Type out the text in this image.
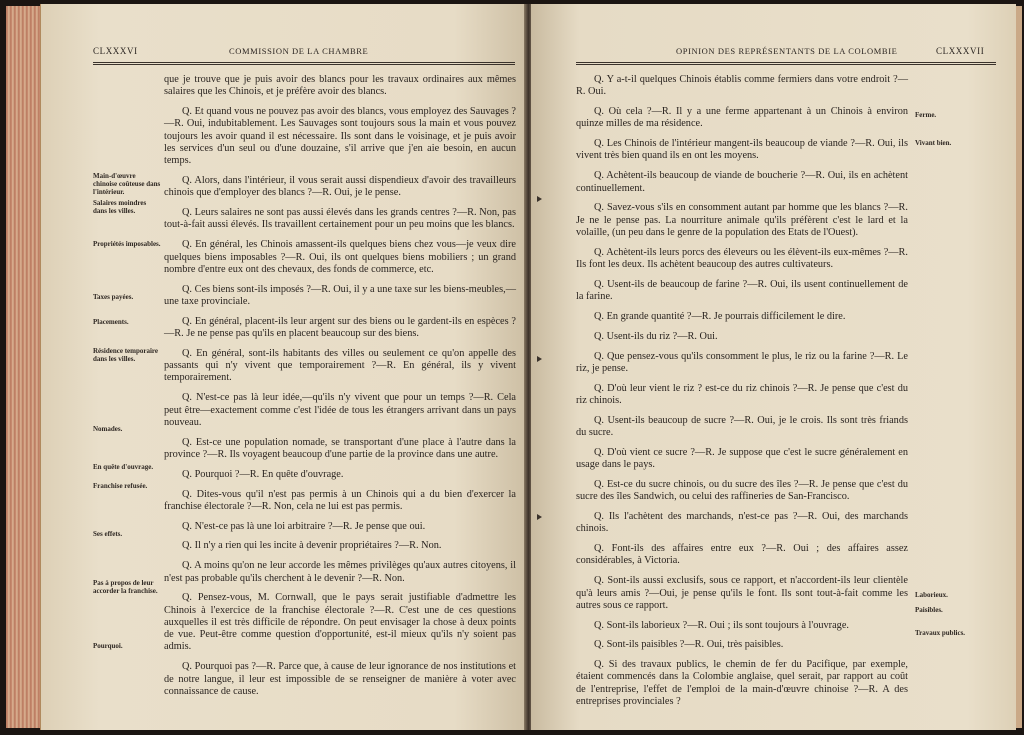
CLXXXVI	COMMISSION DE LA CHAMBRE

que je trouve que je puis avoir des blancs pour les travaux ordinaires aux mêmes salaires que les Chinois, et je préfère avoir des blancs.

Q. Et quand vous ne pouvez pas avoir des blancs, vous employez des Sauvages ?—R. Oui, indubitablement. Les Sauvages sont toujours sous la main et vous pouvez toujours les avoir quand il est nécessaire. Ils sont dans le voisinage, et je puis avoir les services d'un seul ou d'une douzaine, s'il arrive que j'en aie besoin, en aucun temps.

Q. Alors, dans l'intérieur, il vous serait aussi dispendieux d'avoir des travailleurs chinois que d'employer des blancs ?—R. Oui, je le pense.

Q. Leurs salaires ne sont pas aussi élevés dans les grands centres ?—R. Non, pas tout-à-fait aussi élevés. Ils travaillent certainement pour un peu moins que les blancs.

Q. En général, les Chinois amassent-ils quelques biens chez vous—je veux dire quelques biens imposables ?—R. Oui, ils ont quelques biens mobiliers ; un grand nombre d'entre eux ont des chevaux, des fonds de commerce, etc.

Q. Ces biens sont-ils imposés ?—R. Oui, il y a une taxe sur les biens-meubles,—une taxe provinciale.

Q. En général, placent-ils leur argent sur des biens ou le gardent-ils en espèces ?—R. Je ne pense pas qu'ils en placent beaucoup sur des biens.

Q. En général, sont-ils habitants des villes ou seulement ce qu'on appelle des passants qui n'y vivent que temporairement ?—R. En général, ils y vivent temporairement.

Q. N'est-ce pas là leur idée,—qu'ils n'y vivent que pour un temps ?—R. Cela peut être—exactement comme c'est l'idée de tous les étrangers arrivant dans un pays nouveau.

Q. Est-ce une population nomade, se transportant d'une place à l'autre dans la province ?—R. Ils voyagent beaucoup d'une partie de la province dans une autre.

Q. Pourquoi ?—R. En quête d'ouvrage.

Q. Dites-vous qu'il n'est pas permis à un Chinois qui a du bien d'exercer la franchise électorale ?—R. Non, cela ne lui est pas permis.

Q. N'est-ce pas là une loi arbitraire ?—R. Je pense que oui.

Q. Il n'y a rien qui les incite à devenir propriétaires ?—R. Non.

Q. A moins qu'on ne leur accorde les mêmes privilèges qu'aux autres citoyens, il n'est pas probable qu'ils cherchent à le devenir ?—R. Non.

Q. Pensez-vous, M. Cornwall, que le pays serait justifiable d'admettre les Chinois à l'exercice de la franchise électorale ?—R. C'est une de ces questions auxquelles il est très difficile de répondre. On peut envisager la chose à deux points de vue. Peut-être comme question d'opportunité, est-il mieux qu'ils n'y soient pas admis.

Q. Pourquoi pas ?—R. Parce que, à cause de leur ignorance de nos institutions et de notre langue, il leur est impossible de se renseigner de manière à voter avec connaissance de cause.

Main-d'œuvre chinoise coûteuse dans l'intérieur.
Salaires moindres dans les villes.
Propriétés imposables.
Taxes payées.
Placements.
Résidence temporaire dans les villes.
Nomades.
En quête d'ouvrage.
Franchise refusée.
Ses effets.
Pas à propos de leur accorder la franchise.
Pourquoi.
OPINION DES REPRÉSENTANTS DE LA COLOMBIE	CLXXXVII

Q. Y a-t-il quelques Chinois établis comme fermiers dans votre endroit ?—R. Oui.

Q. Où cela ?—R. Il y a une ferme appartenant à un Chinois à environ quinze milles de ma résidence.

Q. Les Chinois de l'intérieur mangent-ils beaucoup de viande ?—R. Oui, ils vivent très bien quand ils en ont les moyens.

Q. Achètent-ils beaucoup de viande de boucherie ?—R. Oui, ils en achètent continuellement.

Q. Savez-vous s'ils en consomment autant par homme que les blancs ?—R. Je ne le pense pas. La nourriture animale qu'ils préfèrent c'est le lard et la volaille, (un peu dans le genre de la population des Etats de l'Ouest).

Q. Achètent-ils leurs porcs des éleveurs ou les élèvent-ils eux-mêmes ?—R. Ils font les deux. Ils achètent beaucoup des autres cultivateurs.

Q. Usent-ils de beaucoup de farine ?—R. Oui, ils usent continuellement de la farine.

Q. En grande quantité ?—R. Je pourrais difficilement le dire.

Q. Usent-ils du riz ?—R. Oui.

Q. Que pensez-vous qu'ils consomment le plus, le riz ou la farine ?—R. Le riz, je pense.

Q. D'où leur vient le riz ? est-ce du riz chinois ?—R. Je pense que c'est du riz chinois.

Q. Usent-ils beaucoup de sucre ?—R. Oui, je le crois. Ils sont très friands du sucre.

Q. D'où vient ce sucre ?—R. Je suppose que c'est le sucre généralement en usage dans le pays.

Q. Est-ce du sucre chinois, ou du sucre des îles ?—R. Je pense que c'est du sucre des îles Sandwich, ou celui des raffineries de San-Francisco.

Q. Ils l'achètent des marchands, n'est-ce pas ?—R. Oui, des marchands chinois.

Q. Font-ils des affaires entre eux ?—R. Oui ; des affaires assez considérables, à Victoria.

Q. Sont-ils aussi exclusifs, sous ce rapport, et n'accordent-ils leur clientèle qu'à leurs amis ?—Oui, je pense qu'ils le font. Ils sont tout-à-fait comme les autres sous ce rapport.

Q. Sont-ils laborieux ?—R. Oui ; ils sont toujours à l'ouvrage.

Q. Sont-ils paisibles ?—R. Oui, très paisibles.

Q. Si des travaux publics, le chemin de fer du Pacifique, par exemple, étaient commencés dans la Colombie anglaise, quel serait, par rapport au coût de l'entreprise, l'effet de l'emploi de la main-d'œuvre chinoise ?—R. A des entreprises provinciales ?

Ferme.
Vivant bien.
Laborieux.
Paisibles.
Travaux publics.
